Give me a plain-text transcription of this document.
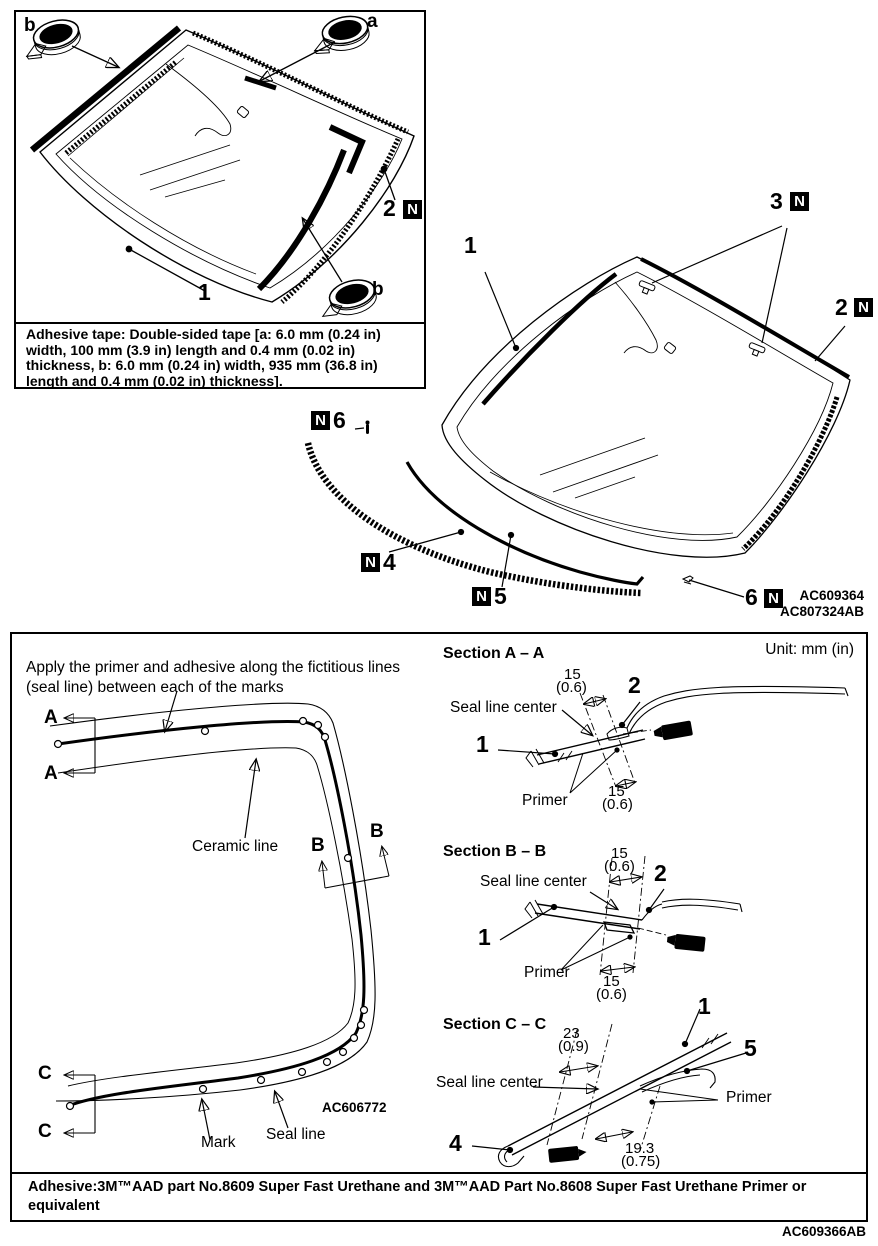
b	a
b
1
2 N
Adhesive tape: Double-sided tape [a: 6.0 mm (0.24 in)
width, 100 mm (3.9 in) length and 0.4 mm (0.02 in)
thickness, b: 6.0 mm (0.24 in) width, 935 mm (36.8 in)
length and 0.4 mm (0.02 in) thickness].
1
3 N
2 N
N 6
N 4
N 5	6 N	AC609364
AC807324AB
Apply the primer and adhesive along the fictitious lines
(seal line) between each of the marks
Unit: mm (in)
A
A
B
B
C
C
Ceramic line
Mark Seal line
AC606772
Section A – A
15
(0.6)
Seal line center
1
2
Primer
15
(0.6)
Section B – B	15
(0.6)
Seal line center
1
2
Primer
15
(0.6)
Section C – C
23
(0.9)
1
5
Seal line center
Primer
4	19.3
(0.75)
Adhesive:3M™AAD part No.8609 Super Fast Urethane and 3M™AAD Part No.8608 Super Fast Urethane Primer or
equivalent
AC609366AB
